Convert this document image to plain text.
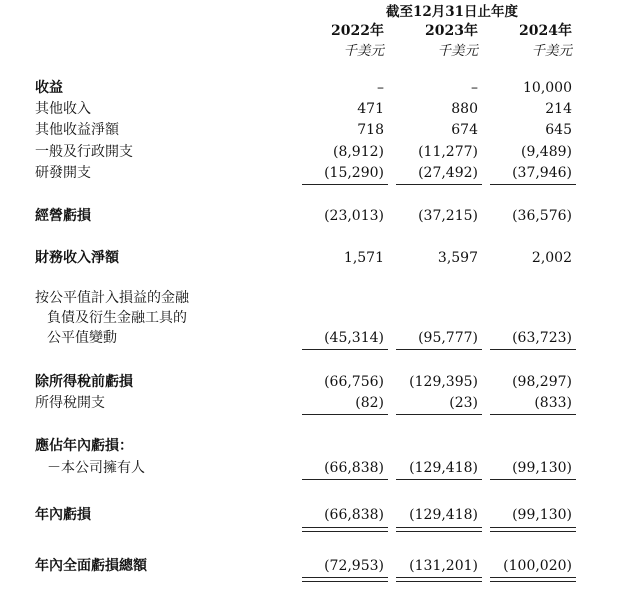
截至12月31日止年度
2022年	2023年	2024年
千美元	千美元	千美元
收益	–	–	10,000
其他收入	471	880	214
其他收益淨額	718	674	645
一般及行政開支	(8,912)	(11,277)	(9,489)
研發開支	(15,290)	(27,492)	(37,946)
經營虧損	(23,013)	(37,215)	(36,576)
財務收入淨額	1,571	3,597	2,002
按公平值計入損益的金融
負債及衍生金融工具的
公平值變動	(45,314)	(95,777)	(63,723)
除所得稅前虧損	(66,756)	(129,395)	(98,297)
所得稅開支	(82)	(23)	(833)
應佔年內虧損：
－本公司擁有人	(66,838)	(129,418)	(99,130)
年內虧損	(66,838)	(129,418)	(99,130)
年內全面虧損總額	(72,953)	(131,201)	(100,020)
